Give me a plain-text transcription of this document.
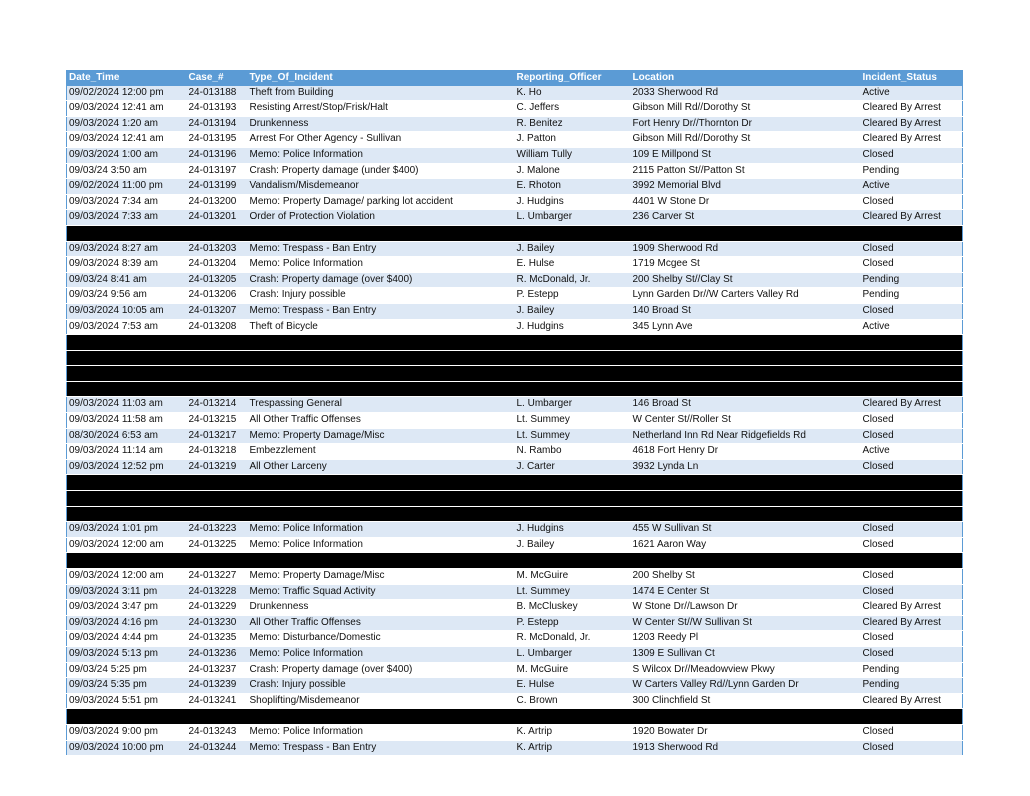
Date_Time	Case_#	Type_Of_Incident	Reporting_Officer	Location	Incident_Status
09/02/2024 12:00 pm	24-013188	Theft from Building	K. Ho	2033 Sherwood Rd	Active
09/03/2024 12:41 am	24-013193	Resisting Arrest/Stop/Frisk/Halt	C. Jeffers	Gibson Mill Rd//Dorothy St	Cleared By Arrest
09/03/2024 1:20 am	24-013194	Drunkenness	R. Benitez	Fort Henry Dr//Thornton Dr	Cleared By Arrest
09/03/2024 12:41 am	24-013195	Arrest For Other Agency - Sullivan	J. Patton	Gibson Mill Rd//Dorothy St	Cleared By Arrest
09/03/2024 1:00 am	24-013196	Memo: Police Information	William Tully	109 E Millpond St	Closed
09/03/24 3:50 am	24-013197	Crash: Property damage (under $400)	J. Malone	2115 Patton St//Patton St	Pending
09/02/2024 11:00 pm	24-013199	Vandalism/Misdemeanor	E. Rhoton	3992 Memorial Blvd	Active
09/03/2024 7:34 am	24-013200	Memo: Property Damage/ parking lot accident	J. Hudgins	4401 W Stone Dr	Closed
09/03/2024 7:33 am	24-013201	Order of Protection Violation	L. Umbarger	236 Carver St	Cleared By Arrest

09/03/2024 8:27 am	24-013203	Memo: Trespass - Ban Entry	J. Bailey	1909 Sherwood Rd	Closed
09/03/2024 8:39 am	24-013204	Memo: Police Information	E. Hulse	1719 Mcgee St	Closed
09/03/24 8:41 am	24-013205	Crash: Property damage (over $400)	R. McDonald, Jr.	200 Shelby St//Clay St	Pending
09/03/24 9:56 am	24-013206	Crash: Injury possible	P. Estepp	Lynn Garden Dr//W Carters Valley Rd	Pending
09/03/2024 10:05 am	24-013207	Memo: Trespass - Ban Entry	J. Bailey	140 Broad St	Closed
09/03/2024 7:53 am	24-013208	Theft of Bicycle	J. Hudgins	345 Lynn Ave	Active

09/03/2024 11:03 am	24-013214	Trespassing General	L. Umbarger	146 Broad St	Cleared By Arrest
09/03/2024 11:58 am	24-013215	All Other Traffic Offenses	Lt. Summey	W Center St//Roller St	Closed
08/30/2024 6:53 am	24-013217	Memo: Property Damage/Misc	Lt. Summey	Netherland Inn Rd Near Ridgefields Rd	Closed
09/03/2024 11:14 am	24-013218	Embezzlement	N. Rambo	4618 Fort Henry Dr	Active
09/03/2024 12:52 pm	24-013219	All Other Larceny	J. Carter	3932 Lynda Ln	Closed

09/03/2024 1:01 pm	24-013223	Memo: Police Information	J. Hudgins	455 W Sullivan St	Closed
09/03/2024 12:00 am	24-013225	Memo: Police Information	J. Bailey	1621 Aaron Way	Closed

09/03/2024 12:00 am	24-013227	Memo: Property Damage/Misc	M. McGuire	200 Shelby St	Closed
09/03/2024 3:11 pm	24-013228	Memo: Traffic Squad Activity	Lt. Summey	1474 E Center St	Closed
09/03/2024 3:47 pm	24-013229	Drunkenness	B. McCluskey	W Stone Dr//Lawson Dr	Cleared By Arrest
09/03/2024 4:16 pm	24-013230	All Other Traffic Offenses	P. Estepp	W Center St//W Sullivan St	Cleared By Arrest
09/03/2024 4:44 pm	24-013235	Memo: Disturbance/Domestic	R. McDonald, Jr.	1203 Reedy Pl	Closed
09/03/2024 5:13 pm	24-013236	Memo: Police Information	L. Umbarger	1309 E Sullivan Ct	Closed
09/03/24 5:25 pm	24-013237	Crash: Property damage (over $400)	M. McGuire	S Wilcox Dr//Meadowview Pkwy	Pending
09/03/24 5:35 pm	24-013239	Crash: Injury possible	E. Hulse	W Carters Valley Rd//Lynn Garden Dr	Pending
09/03/2024 5:51 pm	24-013241	Shoplifting/Misdemeanor	C. Brown	300 Clinchfield St	Cleared By Arrest

09/03/2024 9:00 pm	24-013243	Memo: Police Information	K. Artrip	1920 Bowater Dr	Closed
09/03/2024 10:00 pm	24-013244	Memo: Trespass - Ban Entry	K. Artrip	1913 Sherwood Rd	Closed
